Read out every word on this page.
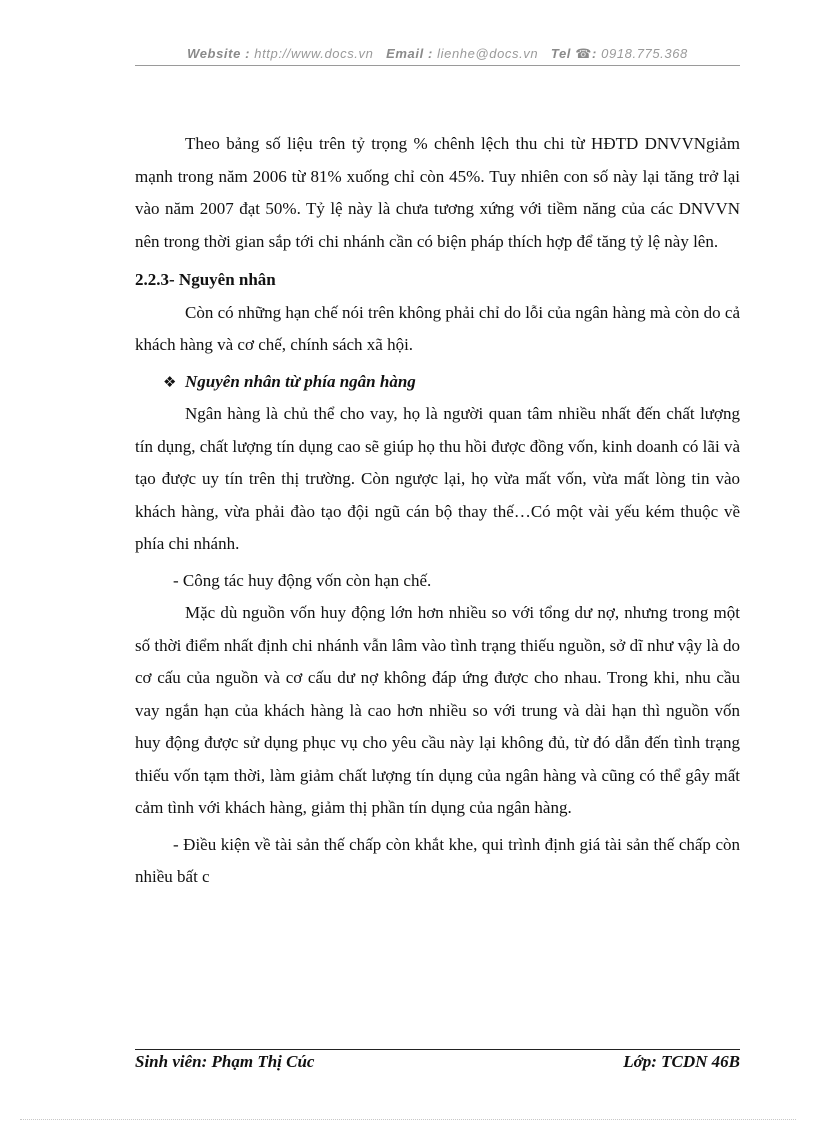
Website : http://www.docs.vn Email : lienhe@docs.vn Tel ☎: 0918.775.368

Theo bảng số liệu trên tỷ trọng % chênh lệch thu chi từ HĐTD DNVVNgiảm mạnh trong năm 2006 từ 81% xuống chỉ còn 45%. Tuy nhiên con số này lại tăng trở lại vào năm 2007 đạt 50%. Tỷ lệ này là chưa tương xứng với tiềm năng của các DNVVN nên trong thời gian sắp tới chi nhánh cần có biện pháp thích hợp để tăng tỷ lệ này lên.

2.2.3- Nguyên nhân

Còn có những hạn chế nói trên không phải chỉ do lỗi của ngân hàng mà còn do cả khách hàng và cơ chế, chính sách xã hội.

❖ Nguyên nhân từ phía ngân hàng

Ngân hàng là chủ thể cho vay, họ là người quan tâm nhiều nhất đến chất lượng tín dụng, chất lượng tín dụng cao sẽ giúp họ thu hồi được đồng vốn, kinh doanh có lãi và tạo được uy tín trên thị trường. Còn ngược lại, họ vừa mất vốn, vừa mất lòng tin vào khách hàng, vừa phải đào tạo đội ngũ cán bộ thay thế…Có một vài yếu kém thuộc về phía chi nhánh.

- Công tác huy động vốn còn hạn chế.

Mặc dù nguồn vốn huy động lớn hơn nhiều so với tổng dư nợ, nhưng trong một số thời điểm nhất định chi nhánh vẫn lâm vào tình trạng thiếu nguồn, sở dĩ như vậy là do cơ cấu của nguồn và cơ cấu dư nợ không đáp ứng được cho nhau. Trong khi, nhu cầu vay ngắn hạn của khách hàng là cao hơn nhiều so với trung và dài hạn thì nguồn vốn huy động được sử dụng phục vụ cho yêu cầu này lại không đủ, từ đó dẫn đến tình trạng thiếu vốn tạm thời, làm giảm chất lượng tín dụng của ngân hàng và cũng có thể gây mất cảm tình với khách hàng, giảm thị phần tín dụng của ngân hàng.

- Điều kiện về tài sản thế chấp còn khắt khe, qui trình định giá tài sản thế chấp còn nhiều bất c

Sinh viên: Phạm Thị Cúc	Lớp: TCDN 46B
